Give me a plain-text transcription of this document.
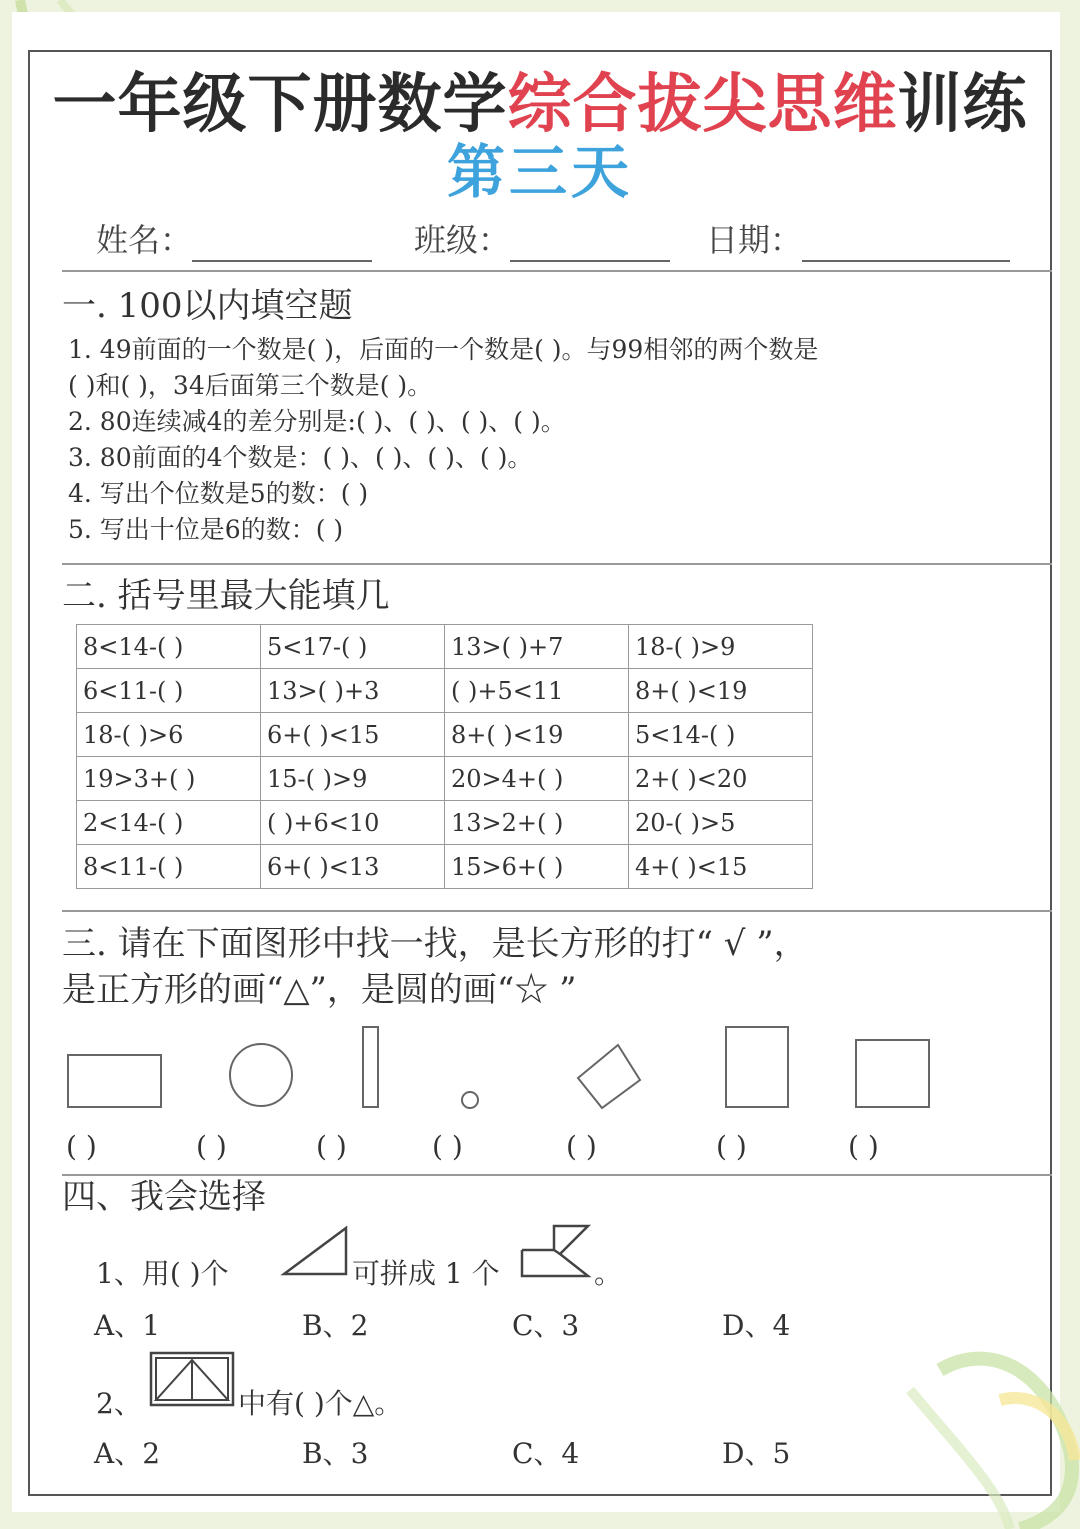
一年级下册数学综合拔尖思维训练
第三天
姓名：	班级：	日期：
一. 100以内填空题
1. 49前面的一个数是( )，后面的一个数是( )。与99相邻的两个数是
( )和( )，34后面第三个数是( )。
2. 80连续减4的差分别是:( )、( )、( )、( )。
3. 80前面的4个数是：( )、( )、( )、( )。
4. 写出个位数是5的数：( )
5. 写出十位是6的数：( )
二. 括号里最大能填几
8<14-( )	5<17-( )	13>( )+7	18-( )>9
6<11-( )	13>( )+3	( )+5<11	8+( )<19
18-( )>6	6+( )<15	8+( )<19	5<14-( )
19>3+( )	15-( )>9	20>4+( )	2+( )<20
2<14-( )	( )+6<10	13>2+( )	20-( )>5
8<11-( )	6+( )<13	15>6+( )	4+( )<15
三. 请在下面图形中找一找，是长方形的打“ √ ”，
是正方形的画“△”，是圆的画“☆ ”
( )	( )	( )	( )	( )	( )	( )
四、我会选择
1、用( )个	可拼成 1 个	。
A、1	B、2	C、3	D、4
2、	中有( )个△。
A、2	B、3	C、4	D、5
